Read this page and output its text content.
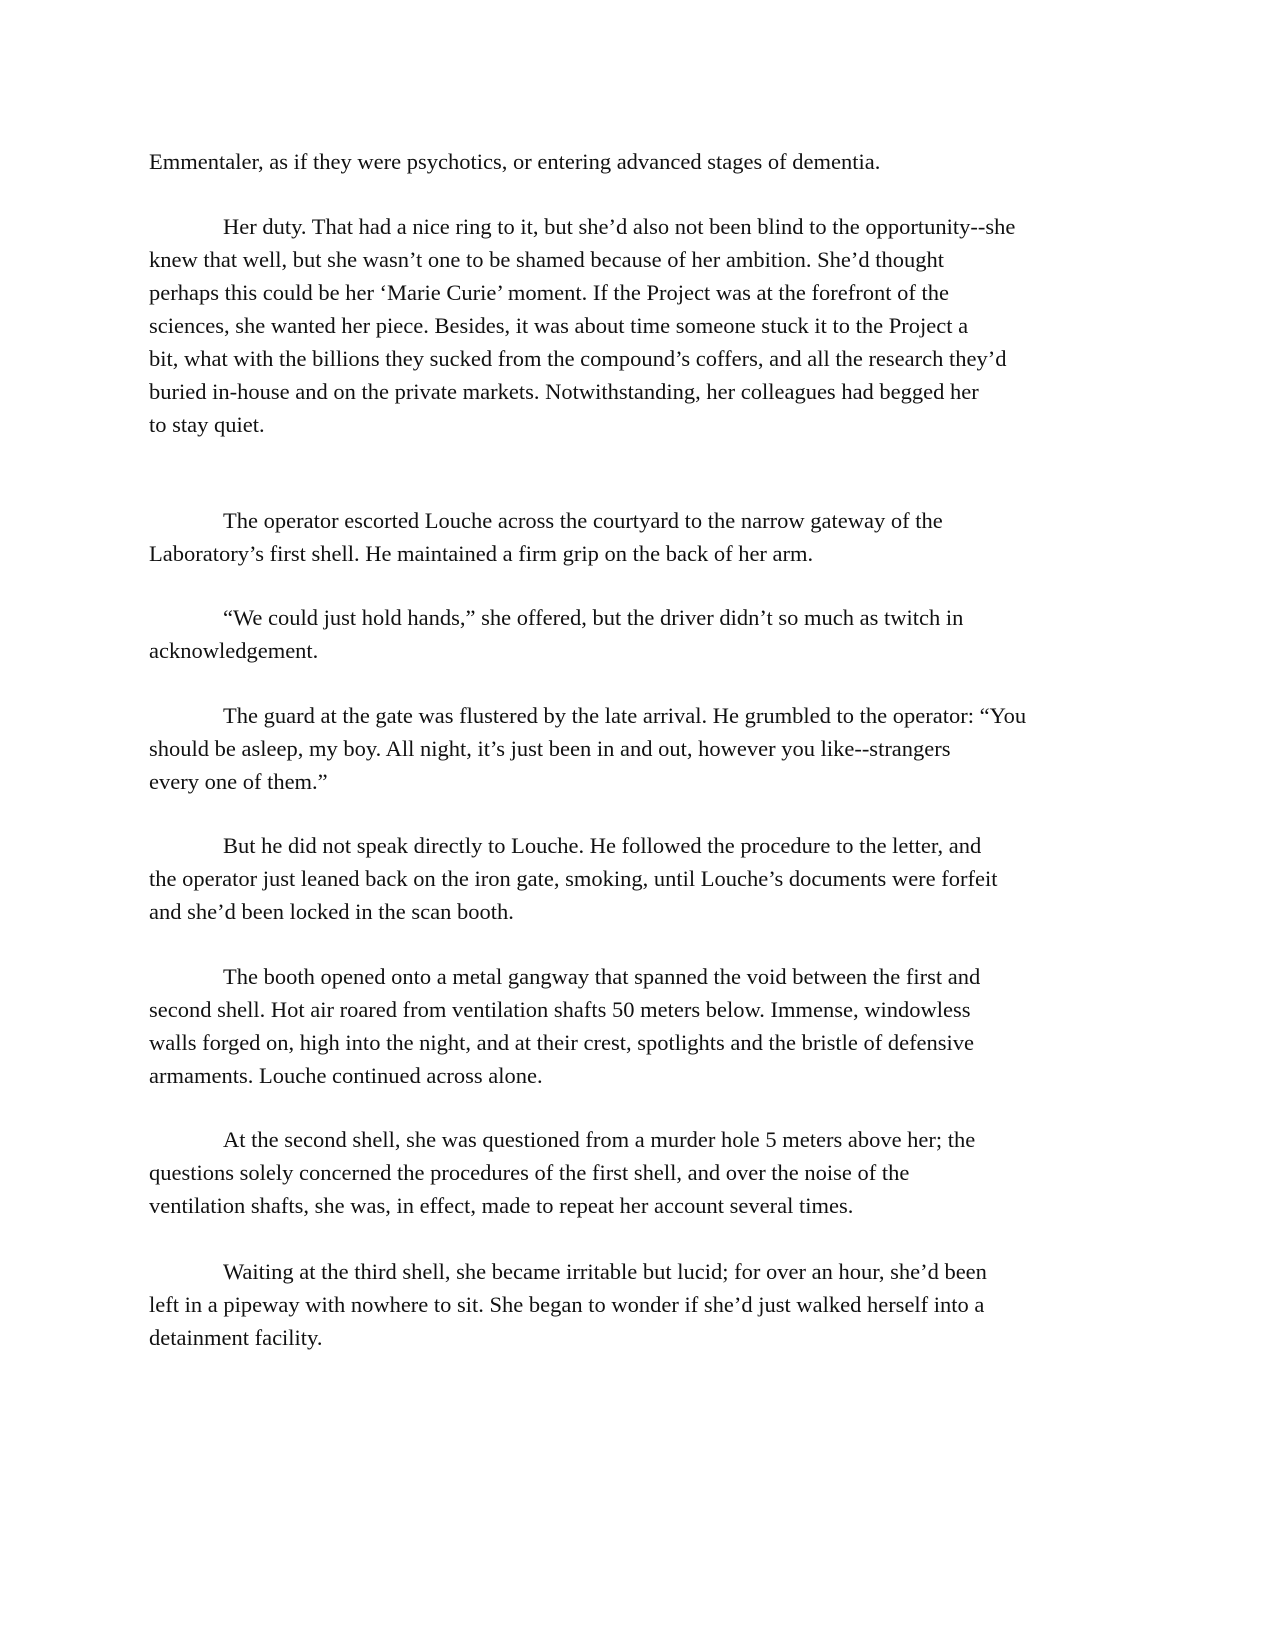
Emmentaler, as if they were psychotics, or entering advanced stages of dementia.
Her duty. That had a nice ring to it, but she’d also not been blind to the opportunity--she
knew that well, but she wasn’t one to be shamed because of her ambition. She’d thought
perhaps this could be her ‘Marie Curie’ moment. If the Project was at the forefront of the
sciences, she wanted her piece. Besides, it was about time someone stuck it to the Project a
bit, what with the billions they sucked from the compound’s coffers, and all the research they’d
buried in-house and on the private markets. Notwithstanding, her colleagues had begged her
to stay quiet.
The operator escorted Louche across the courtyard to the narrow gateway of the
Laboratory’s first shell. He maintained a firm grip on the back of her arm.
“We could just hold hands,” she offered, but the driver didn’t so much as twitch in
acknowledgement.
The guard at the gate was flustered by the late arrival. He grumbled to the operator: “You
should be asleep, my boy. All night, it’s just been in and out, however you like--strangers
every one of them.”
But he did not speak directly to Louche. He followed the procedure to the letter, and
the operator just leaned back on the iron gate, smoking, until Louche’s documents were forfeit
and she’d been locked in the scan booth.
The booth opened onto a metal gangway that spanned the void between the first and
second shell. Hot air roared from ventilation shafts 50 meters below. Immense, windowless
walls forged on, high into the night, and at their crest, spotlights and the bristle of defensive
armaments. Louche continued across alone.
At the second shell, she was questioned from a murder hole 5 meters above her; the
questions solely concerned the procedures of the first shell, and over the noise of the
ventilation shafts, she was, in effect, made to repeat her account several times.
Waiting at the third shell, she became irritable but lucid; for over an hour, she’d been
left in a pipeway with nowhere to sit. She began to wonder if she’d just walked herself into a
detainment facility.
